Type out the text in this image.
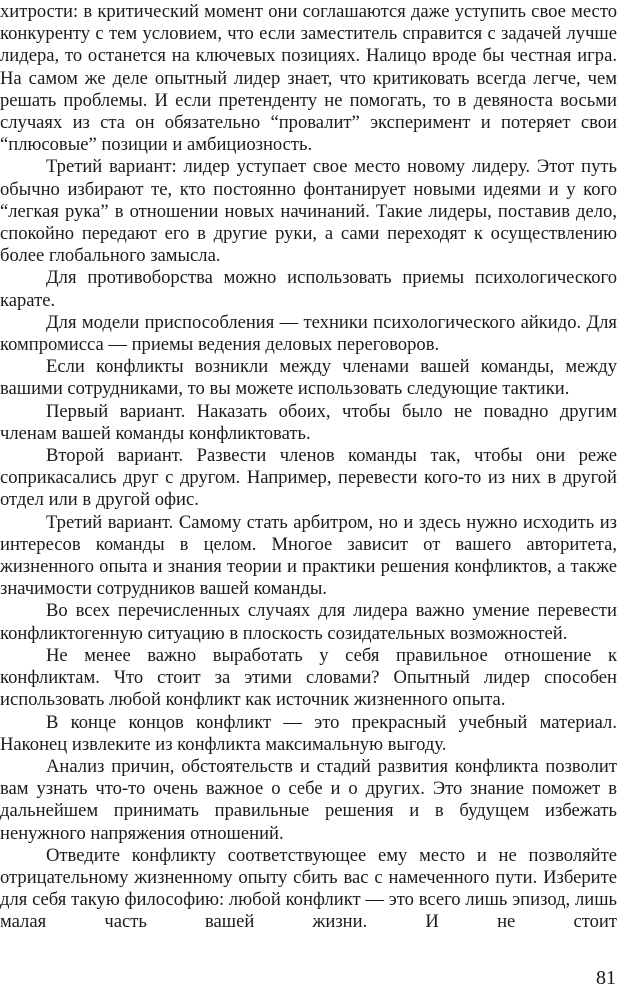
хитрости: в критический момент они соглашаются даже уступить свое место конкуренту с тем условием, что если заместитель справится с задачей лучше лидера, то останется на ключевых позициях. Налицо вроде бы честная игра. На самом же деле опытный лидер знает, что критиковать всегда легче, чем решать проблемы. И если претенденту не помогать, то в девяноста восьми случаях из ста он обязательно “провалит” эксперимент и потеряет свои “плюсовые” позиции и амбициозность.

Третий вариант: лидер уступает свое место новому лидеру. Этот путь обычно избирают те, кто постоянно фонтанирует новыми идеями и у кого “легкая рука” в отношении новых начинаний. Такие лидеры, поставив дело, спокойно передают его в другие руки, а сами переходят к осуществлению более глобального замысла.

Для противоборства можно использовать приемы психологического карате.

Для модели приспособления — техники психологического айкидо. Для компромисса — приемы ведения деловых переговоров.

Если конфликты возникли между членами вашей команды, между вашими сотрудниками, то вы можете использовать следующие тактики.

Первый вариант. Наказать обоих, чтобы было не повадно другим членам вашей команды конфликтовать.

Второй вариант. Развести членов команды так, чтобы они реже соприкасались друг с другом. Например, перевести кого-то из них в другой отдел или в другой офис.

Третий вариант. Самому стать арбитром, но и здесь нужно исходить из интересов команды в целом. Многое зависит от вашего авторитета, жизненного опыта и знания теории и практики решения конфликтов, а также значимости сотрудников вашей команды.

Во всех перечисленных случаях для лидера важно умение перевести конфликтогенную ситуацию в плоскость созидательных возможностей.

Не менее важно выработать у себя правильное отношение к конфликтам. Что стоит за этими словами? Опытный лидер способен использовать любой конфликт как источник жизненного опыта.

В конце концов конфликт — это прекрасный учебный материал. Наконец извлеките из конфликта максимальную выгоду.

Анализ причин, обстоятельств и стадий развития конфликта позволит вам узнать что-то очень важное о себе и о других. Это знание поможет в дальнейшем принимать правильные решения и в будущем избежать ненужного напряжения отношений.

Отведите конфликту соответствующее ему место и не позволяйте отрицательному жизненному опыту сбить вас с намеченного пути. Изберите для себя такую философию: любой конфликт — это всего лишь эпизод, лишь малая часть вашей жизни. И не стоит

81
